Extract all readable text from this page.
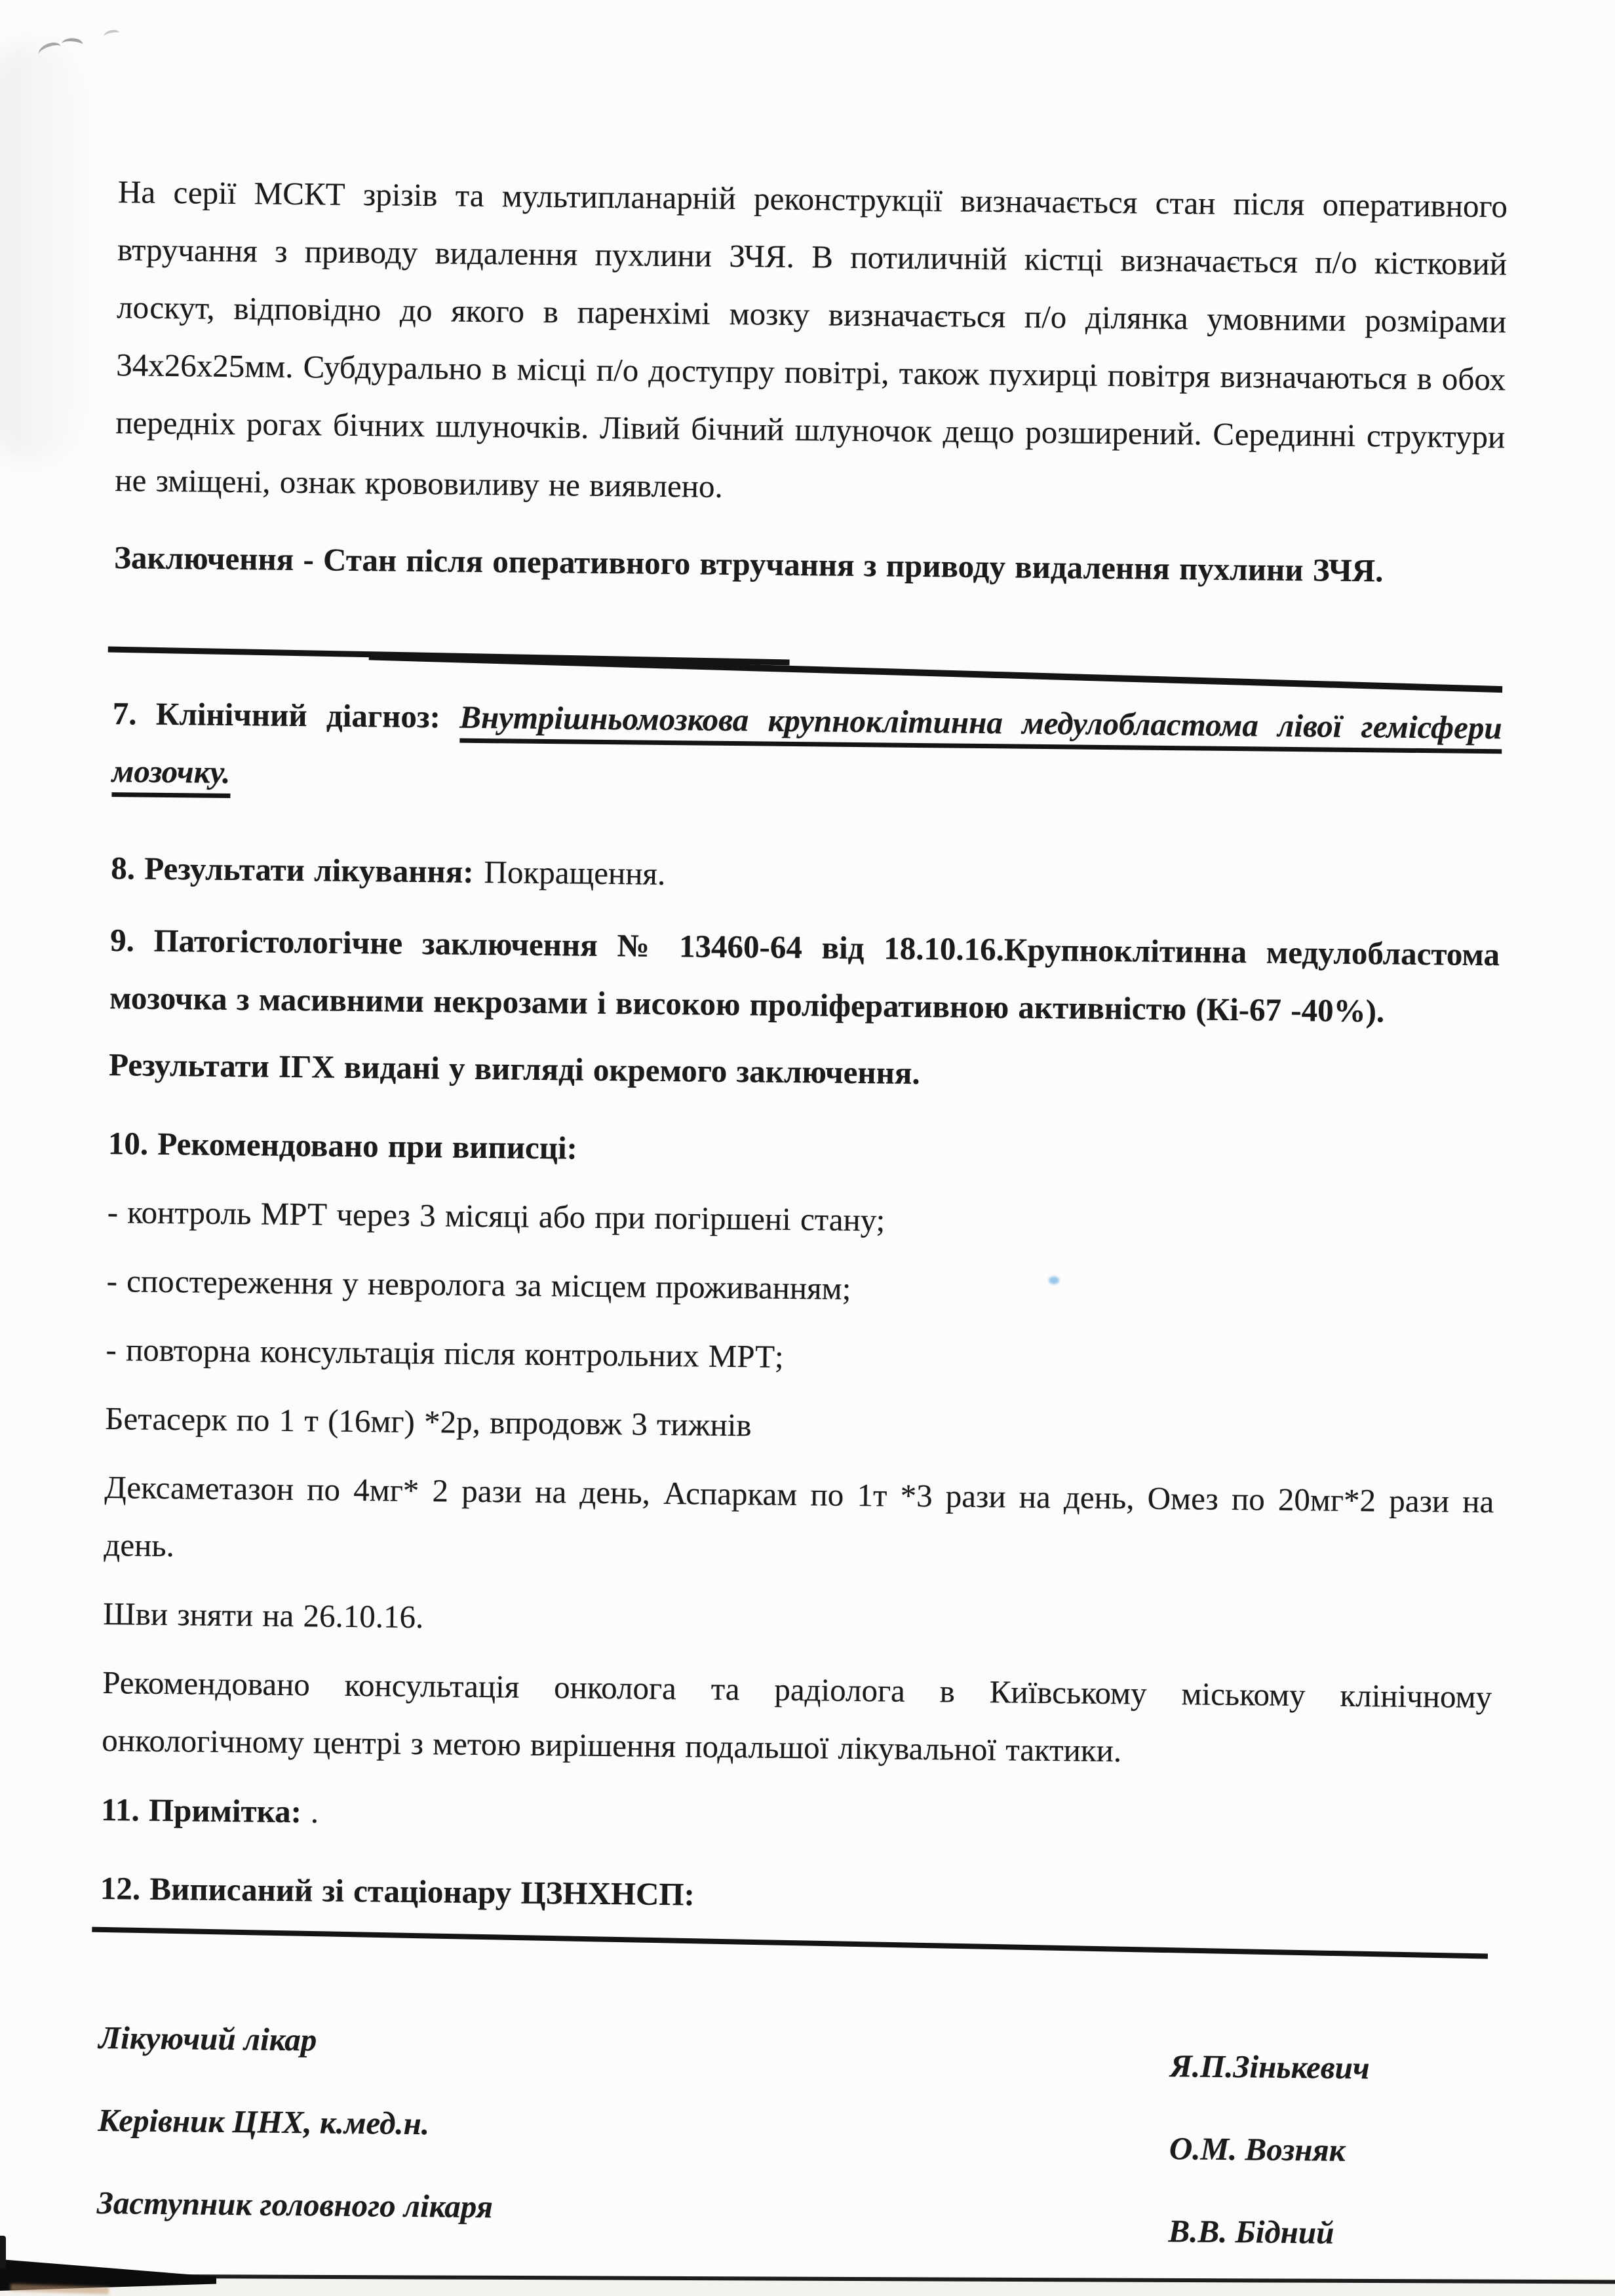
На серії МСКТ зрізів та мультипланарній реконструкції визначається стан після оперативного втручання з приводу видалення пухлини ЗЧЯ. В потиличній кістці визначається п/о кістковий лоскут, відповідно до якого в паренхімі мозку визначається п/о ділянка умовними розмірами 34х26х25мм. Субдурально в місці п/о доступру повітрі, також пухирці повітря визначаються в обох передніх рогах бічних шлуночків. Лівий бічний шлуночок дещо розширений. Серединні структури не зміщені, ознак крововиливу не виявлено.

Заключення - Стан після оперативного втручання з приводу видалення пухлини ЗЧЯ.

7. Клінічний діагноз: Внутрішньомозкова крупноклітинна медулобластома лівої гемісфери мозочку.

8. Результати лікування: Покращення.

9. Патогістологічне заключення № 13460-64 від 18.10.16.Крупноклітинна медулобластома мозочка з масивними некрозами і високою проліферативною активністю (Кі-67 -40%).

Результати ІГХ видані у вигляді окремого заключення.

10. Рекомендовано при виписці:

- контроль МРТ через 3 місяці або при погіршені стану;

- спостереження у невролога за місцем проживанням;

- повторна консультація після контрольних МРТ;

Бетасерк по 1 т (16мг) *2р, впродовж 3 тижнів

Дексаметазон по 4мг* 2 рази на день, Аспаркам по 1т *3 рази на день, Омез по 20мг*2 рази на день.

Шви зняти на 26.10.16.

Рекомендовано консультація онколога та радіолога в Київському міському клінічному онкологічному центрі з метою вирішення подальшої лікувальної тактики.

11. Примітка: .

12. Виписаний зі стаціонару ЦЗНХНСП:

Лікуючий лікар
Я.П.Зінькевич
Керівник ЦНХ, к.мед.н.
О.М. Возняк
Заступник головного лікаря
В.В. Бідний
